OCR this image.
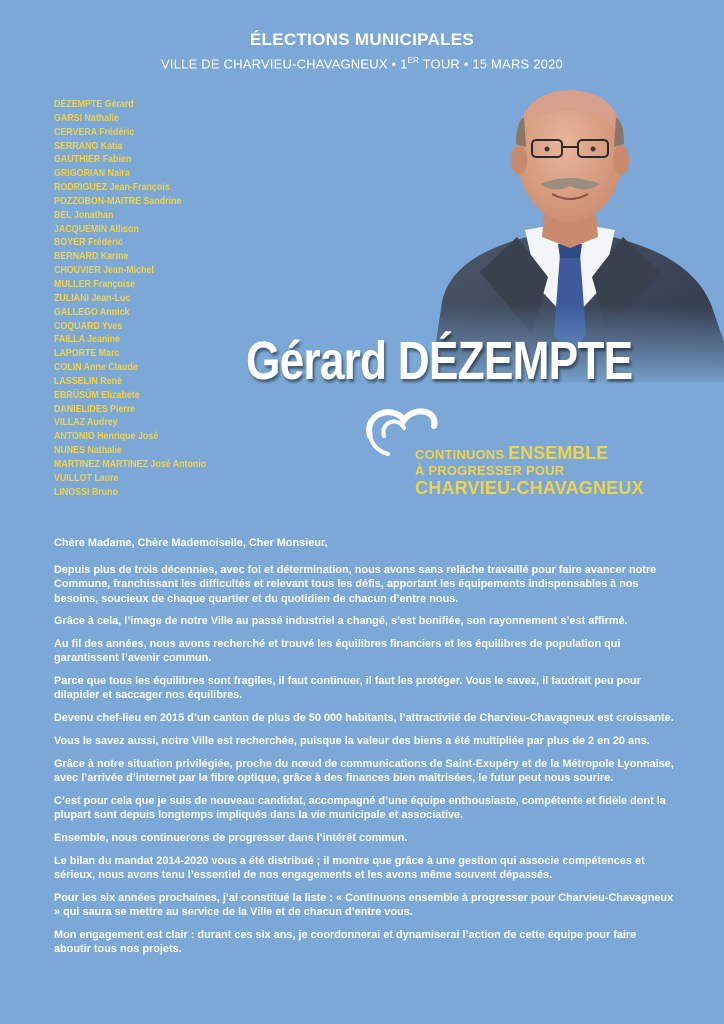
ÉLECTIONS MUNICIPALES
VILLE DE CHARVIEU-CHAVAGNEUX • 1ER TOUR • 15 MARS 2020
DÉZEMPTE Gérard
GARSI Nathalie
CERVERA Frédéric
SERRANO Katia
GAUTHIER Fabien
GRIGORIAN Naïra
RODRIGUEZ Jean-François
POZZOBON-MAITRE Sandrine
BEL Jonathan
JACQUEMIN Allison
BOYER Frédéric
BERNARD Karine
CHOUVIER Jean-Michel
MULLER Françoise
ZULIANI Jean-Luc
GALLEGO Annick
COQUARD Yves
FAILLA Jeanine
LAPORTE Marc
COLIN Anne Claude
LASSELIN René
EBRÜSÜM Elizabete
DANIELIDES Pierre
VILLAZ Audrey
ANTONIO Henrique José
NUNES Nathalie
MARTINEZ MARTINEZ José Antonio
VUILLOT Laure
LINOSSI Bruno
Gérard DÉZEMPTE
CONTINUONS ENSEMBLE
À PROGRESSER POUR
CHARVIEU-CHAVAGNEUX

Chère Madame, Chère Mademoiselle, Cher Monsieur,

Depuis plus de trois décennies, avec foi et détermination, nous avons sans relâche travaillé pour faire avancer notre Commune, franchissant les difficultés et relevant tous les défis, apportant les équipements indispensables à nos besoins, soucieux de chaque quartier et du quotidien de chacun d’entre nous.

Grâce à cela, l’image de notre Ville au passé industriel a changé, s’est bonifiée, son rayonnement s’est affirmé.

Au fil des années, nous avons recherché et trouvé les équilibres financiers et les équilibres de population qui garantissent l’avenir commun.

Parce que tous les équilibres sont fragiles, il faut continuer, il faut les protéger. Vous le savez, il faudrait peu pour dilapider et saccager nos équilibres.

Devenu chef-lieu en 2015 d’un canton de plus de 50 000 habitants, l’attractivité de Charvieu-Chavagneux est croissante.

Vous le savez aussi, notre Ville est recherchée, puisque la valeur des biens a été multipliée par plus de 2 en 20 ans.

Grâce à notre situation privilégiée, proche du nœud de communications de Saint-Exupéry et de la Métropole Lyonnaise, avec l’arrivée d’internet par la fibre optique, grâce à des finances bien maîtrisées, le futur peut nous sourire.

C’est pour cela que je suis de nouveau candidat, accompagné d’une équipe enthousiaste, compétente et fidèle dont la plupart sont depuis longtemps impliqués dans la vie municipale et associative.

Ensemble, nous continuerons de progresser dans l’intérêt commun.

Le bilan du mandat 2014-2020 vous a été distribué ; il montre que grâce à une gestion qui associe compétences et sérieux, nous avons tenu l’essentiel de nos engagements et les avons même souvent dépassés.

Pour les six années prochaines, j’ai constitué la liste : « Continuons ensemble à progresser pour Charvieu-Chavagneux » qui saura se mettre au service de la Ville et de chacun d’entre vous.

Mon engagement est clair : durant ces six ans, je coordonnerai et dynamiserai l’action de cette équipe pour faire aboutir tous nos projets.
